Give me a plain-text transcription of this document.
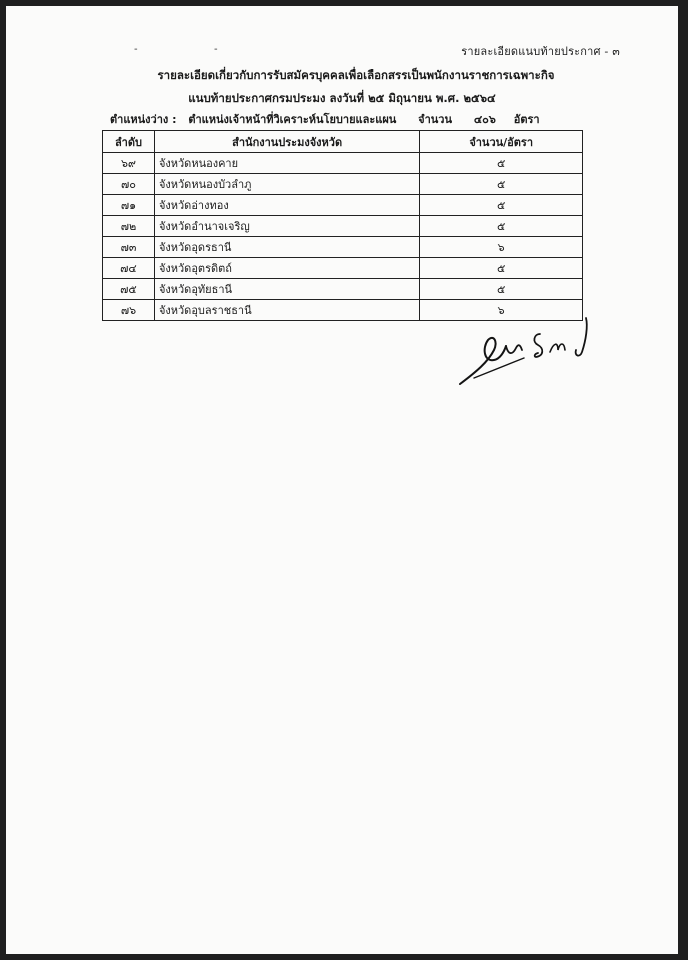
-	-	รายละเอียดแนบท้ายประกาศ - ๓
รายละเอียดเกี่ยวกับการรับสมัครบุคคลเพื่อเลือกสรรเป็นพนักงานราชการเฉพาะกิจ
แนบท้ายประกาศกรมประมง ลงวันที่ ๒๕ มิถุนายน พ.ศ. ๒๕๖๔
ตำแหน่งว่าง : ตำแหน่งเจ้าหน้าที่วิเคราะห์นโยบายและแผน จำนวน ๔๐๖ อัตรา
ลำดับ	สำนักงานประมงจังหวัด	จำนวน/อัตรา
๖๙	จังหวัดหนองคาย	๕
๗๐	จังหวัดหนองบัวลำภู	๕
๗๑	จังหวัดอ่างทอง	๕
๗๒	จังหวัดอำนาจเจริญ	๕
๗๓	จังหวัดอุดรธานี	๖
๗๔	จังหวัดอุตรดิตถ์	๕
๗๕	จังหวัดอุทัยธานี	๕
๗๖	จังหวัดอุบลราชธานี	๖
